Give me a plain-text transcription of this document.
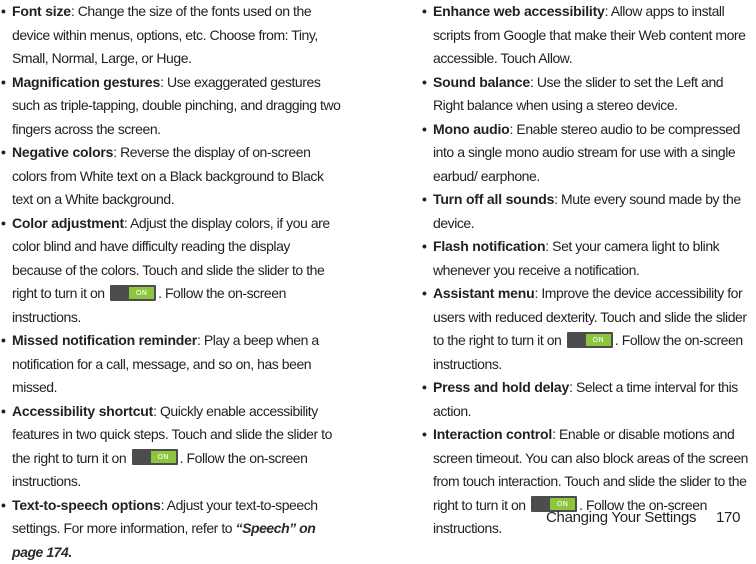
• Font size: Change the size of the fonts used on the device within menus, options, etc. Choose from: Tiny, Small, Normal, Large, or Huge.
• Magnification gestures: Use exaggerated gestures such as triple-tapping, double pinching, and dragging two fingers across the screen.
• Negative colors: Reverse the display of on-screen colors from White text on a Black background to Black text on a White background.
• Color adjustment: Adjust the display colors, if you are color blind and have difficulty reading the display because of the colors. Touch and slide the slider to the right to turn it on	ON . Follow the on-screen instructions.
• Missed notification reminder: Play a beep when a notification for a call, message, and so on, has been missed.
• Accessibility shortcut: Quickly enable accessibility features in two quick steps. Touch and slide the slider to the right to turn it on	ON . Follow the on-screen instructions.
• Text-to-speech options: Adjust your text-to-speech settings. For more information, refer to “Speech” on page 174.
• Enhance web accessibility: Allow apps to install scripts from Google that make their Web content more accessible. Touch Allow.
• Sound balance: Use the slider to set the Left and Right balance when using a stereo device.
• Mono audio: Enable stereo audio to be compressed into a single mono audio stream for use with a single earbud/ earphone.
• Turn off all sounds: Mute every sound made by the device.
• Flash notification: Set your camera light to blink whenever you receive a notification.
• Assistant menu: Improve the device accessibility for users with reduced dexterity. Touch and slide the slider to the right to turn it on	ON . Follow the on-screen instructions.
• Press and hold delay: Select a time interval for this action.
• Interaction control: Enable or disable motions and screen timeout. You can also block areas of the screen from touch interaction. Touch and slide the slider to the right to turn it on	ON . Follow the on-screen instructions.
Changing Your Settings 170
